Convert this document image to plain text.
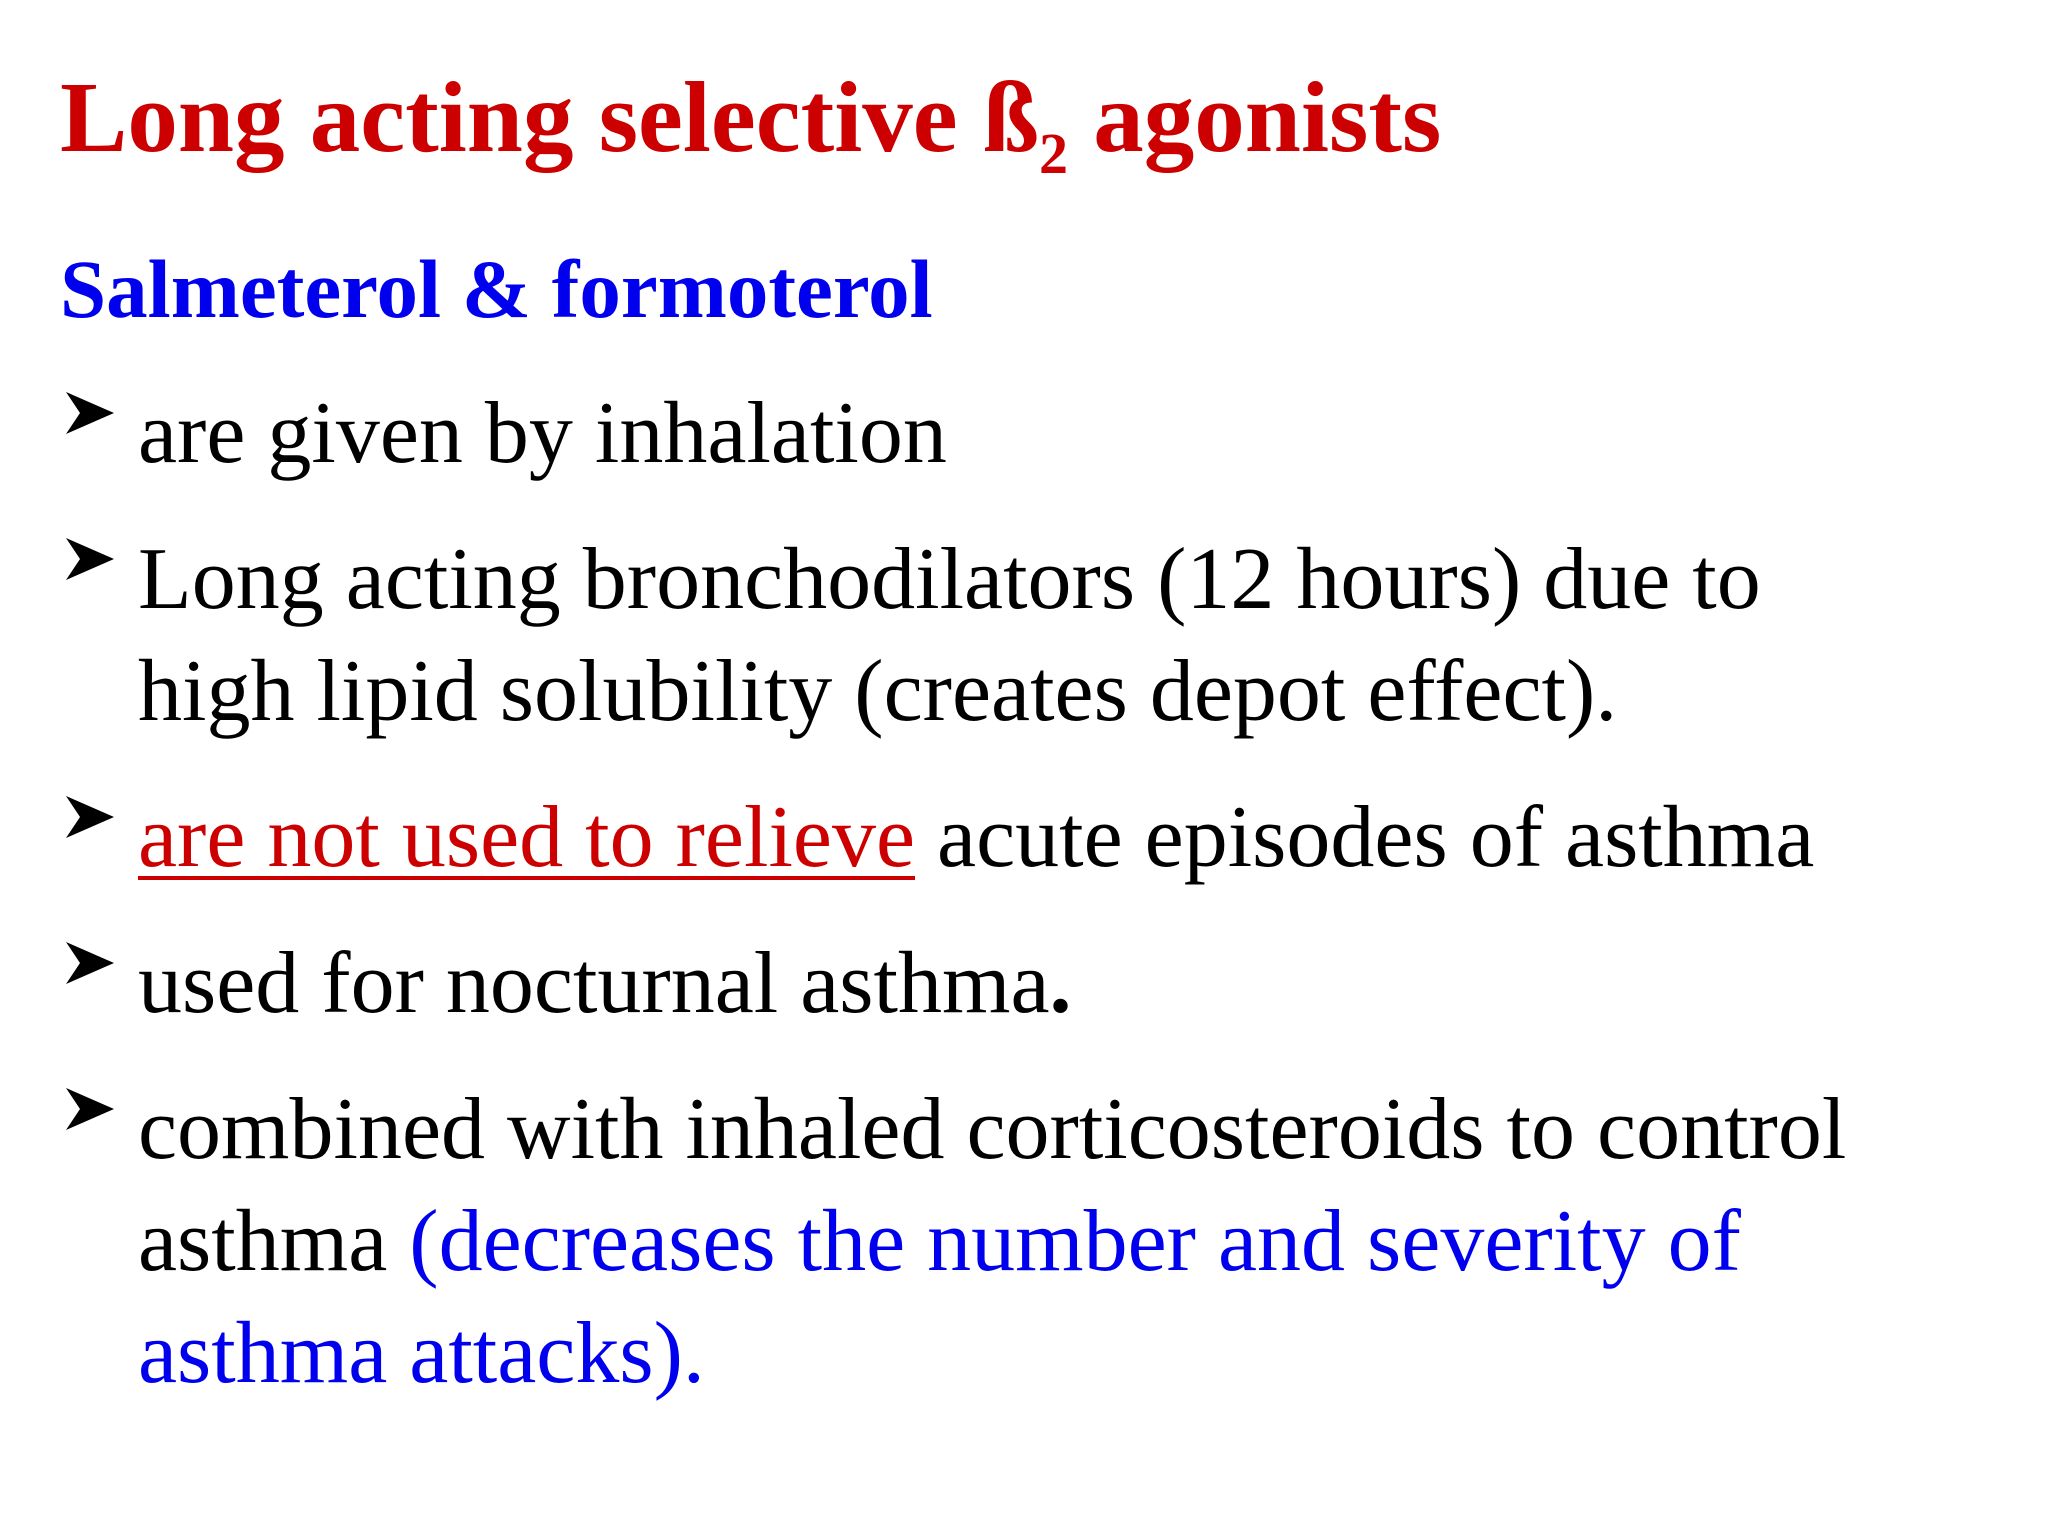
Long acting selective $ß_2$ agonists
Salmeterol & formoterol
are given by inhalation
Long acting bronchodilators (12 hours) due to
high lipid solubility (creates depot effect).
are not used to relieve acute episodes of asthma
used for nocturnal asthma.
combined with inhaled corticosteroids to control
asthma (decreases the number and severity of
asthma attacks).
